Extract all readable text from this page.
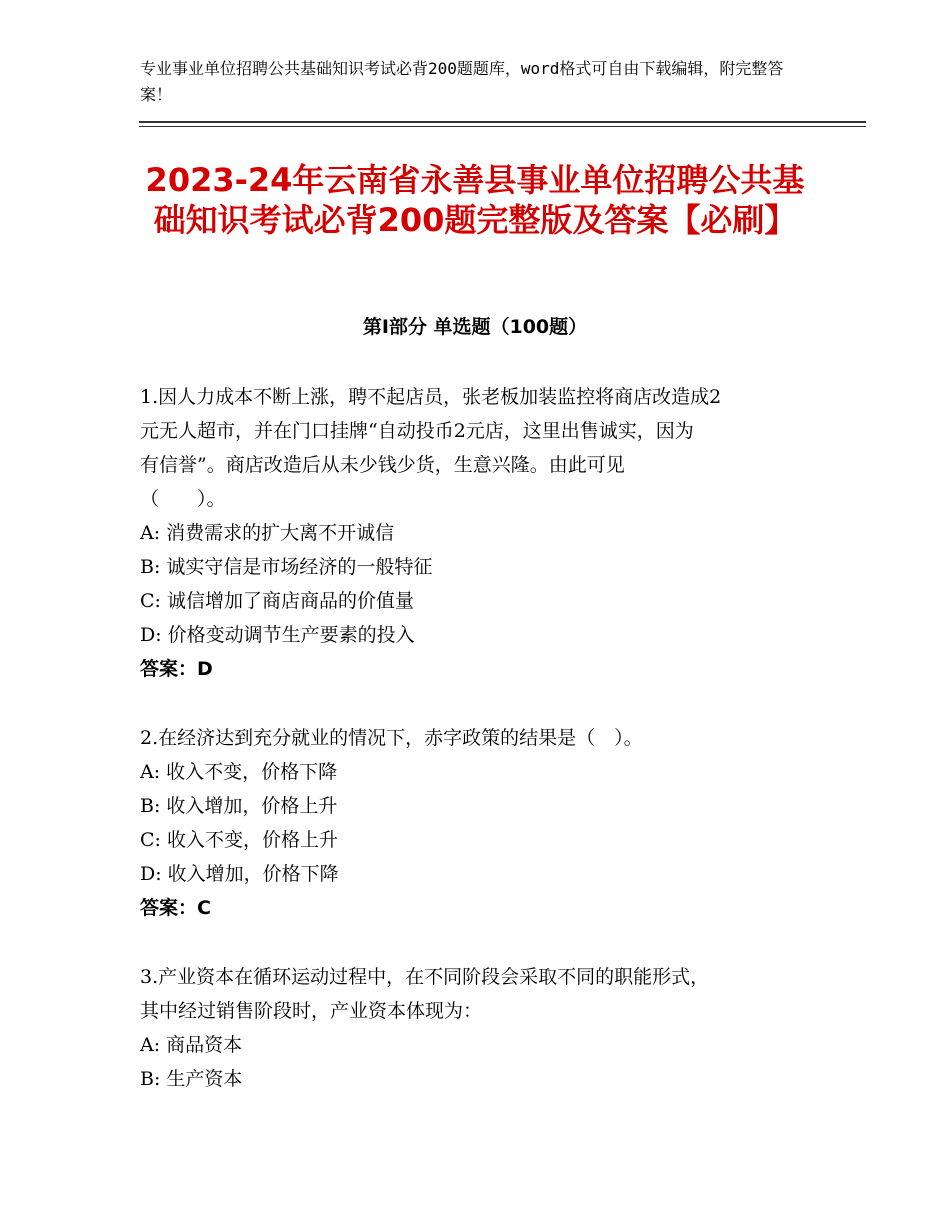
专业事业单位招聘公共基础知识考试必背200题题库，word格式可自由下载编辑，附完整答案！
2023-24年云南省永善县事业单位招聘公共基础知识考试必背200题完整版及答案【必刷】
第Ⅰ部分 单选题（100题）
1.因人力成本不断上涨，聘不起店员，张老板加装监控将商店改造成2
元无人超市，并在门口挂牌“自动投币2元店，这里出售诚实，因为
有信誉”。商店改造后从未少钱少货，生意兴隆。由此可见
（　　）。
A: 消费需求的扩大离不开诚信
B: 诚实守信是市场经济的一般特征
C: 诚信增加了商店商品的价值量
D: 价格变动调节生产要素的投入
答案：D
2.在经济达到充分就业的情况下，赤字政策的结果是（　）。
A: 收入不变，价格下降
B: 收入增加，价格上升
C: 收入不变，价格上升
D: 收入增加，价格下降
答案：C
3.产业资本在循环运动过程中，在不同阶段会采取不同的职能形式，
其中经过销售阶段时，产业资本体现为：
A: 商品资本
B: 生产资本
